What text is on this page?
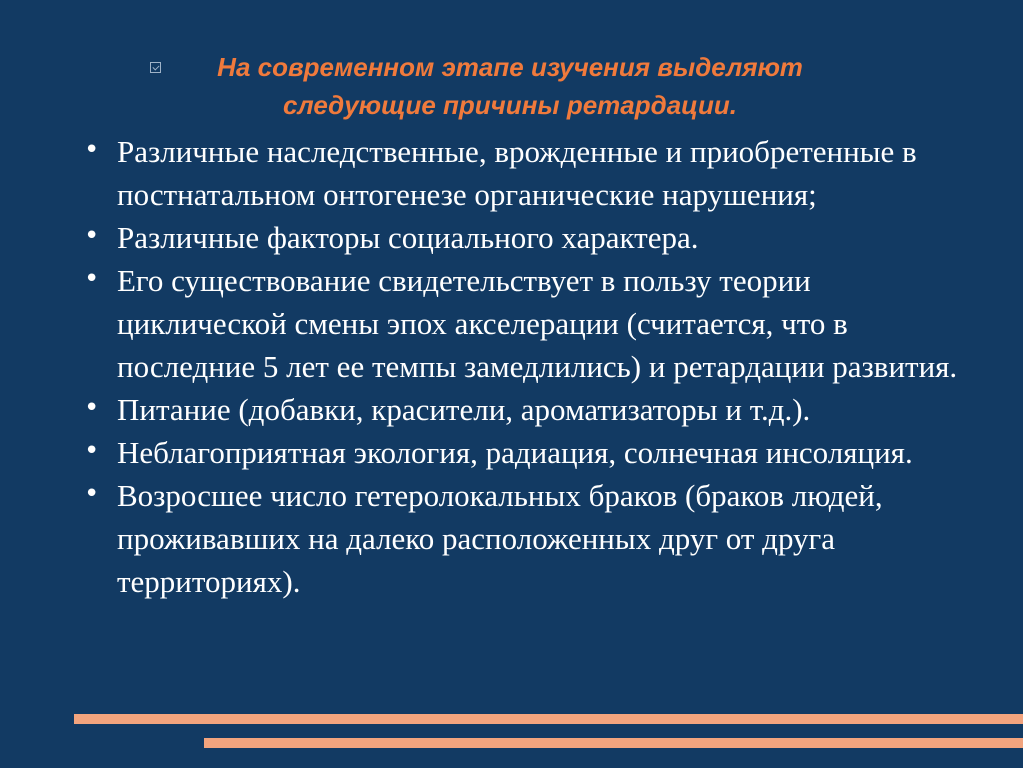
На современном этапе изучения выделяют
следующие причины ретардации.
• Различные наследственные, врожденные и приобретенные в постнатальном онтогенезе органические нарушения;
• Различные факторы социального характера.
• Его существование свидетельствует в пользу теории циклической смены эпох акселерации (считается, что в последние 5 лет ее темпы замедлились) и ретардации развития.
• Питание (добавки, красители, ароматизаторы и т.д.).
• Неблагоприятная экология, радиация, солнечная инсоляция.
• Возросшее число гетеролокальных браков (браков людей, проживавших на далеко расположенных друг от друга территориях).
